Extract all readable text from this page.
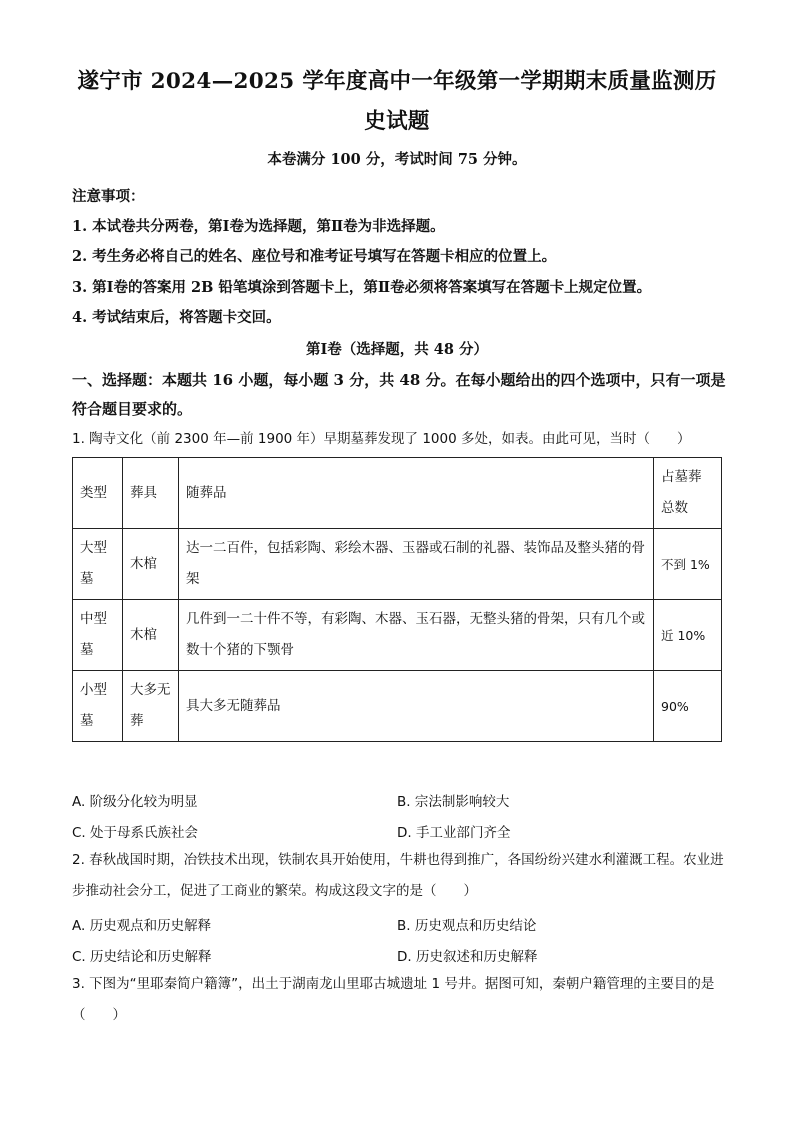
遂宁市 2024—2025 学年度高中一年级第一学期期末质量监测历史试题
本卷满分 100 分，考试时间 75 分钟。
注意事项：
1. 本试卷共分两卷，第Ⅰ卷为选择题，第Ⅱ卷为非选择题。
2. 考生务必将自己的姓名、座位号和准考证号填写在答题卡相应的位置上。
3. 第Ⅰ卷的答案用 2B 铅笔填涂到答题卡上，第Ⅱ卷必须将答案填写在答题卡上规定位置。
4. 考试结束后，将答题卡交回。
第Ⅰ卷（选择题，共 48 分）
一、选择题：本题共 16 小题，每小题 3 分，共 48 分。在每小题给出的四个选项中，只有一项是符合题目要求的。
1. 陶寺文化（前 2300 年—前 1900 年）早期墓葬发现了 1000 多处，如表。由此可见，当时（　　）
类型	葬具	随葬品	占墓葬总数
大型墓	木棺	达一二百件，包括彩陶、彩绘木器、玉器或石制的礼器、装饰品及整头猪的骨架	不到 1%
中型墓	木棺	几件到一二十件不等，有彩陶、木器、玉石器，无整头猪的骨架，只有几个或数十个猪的下颚骨	近 10%
小型墓	大多无葬	具大多无随葬品	90%
A. 阶级分化较为明显	B. 宗法制影响较大
C. 处于母系氏族社会	D. 手工业部门齐全
2. 春秋战国时期，冶铁技术出现，铁制农具开始使用，牛耕也得到推广，各国纷纷兴建水利灌溉工程。农业进步推动社会分工，促进了工商业的繁荣。构成这段文字的是（　　）
A. 历史观点和历史解释	B. 历史观点和历史结论
C. 历史结论和历史解释	D. 历史叙述和历史解释
3. 下图为“里耶秦简户籍簿”，出土于湖南龙山里耶古城遗址 1 号井。据图可知，秦朝户籍管理的主要目的是（　　）
